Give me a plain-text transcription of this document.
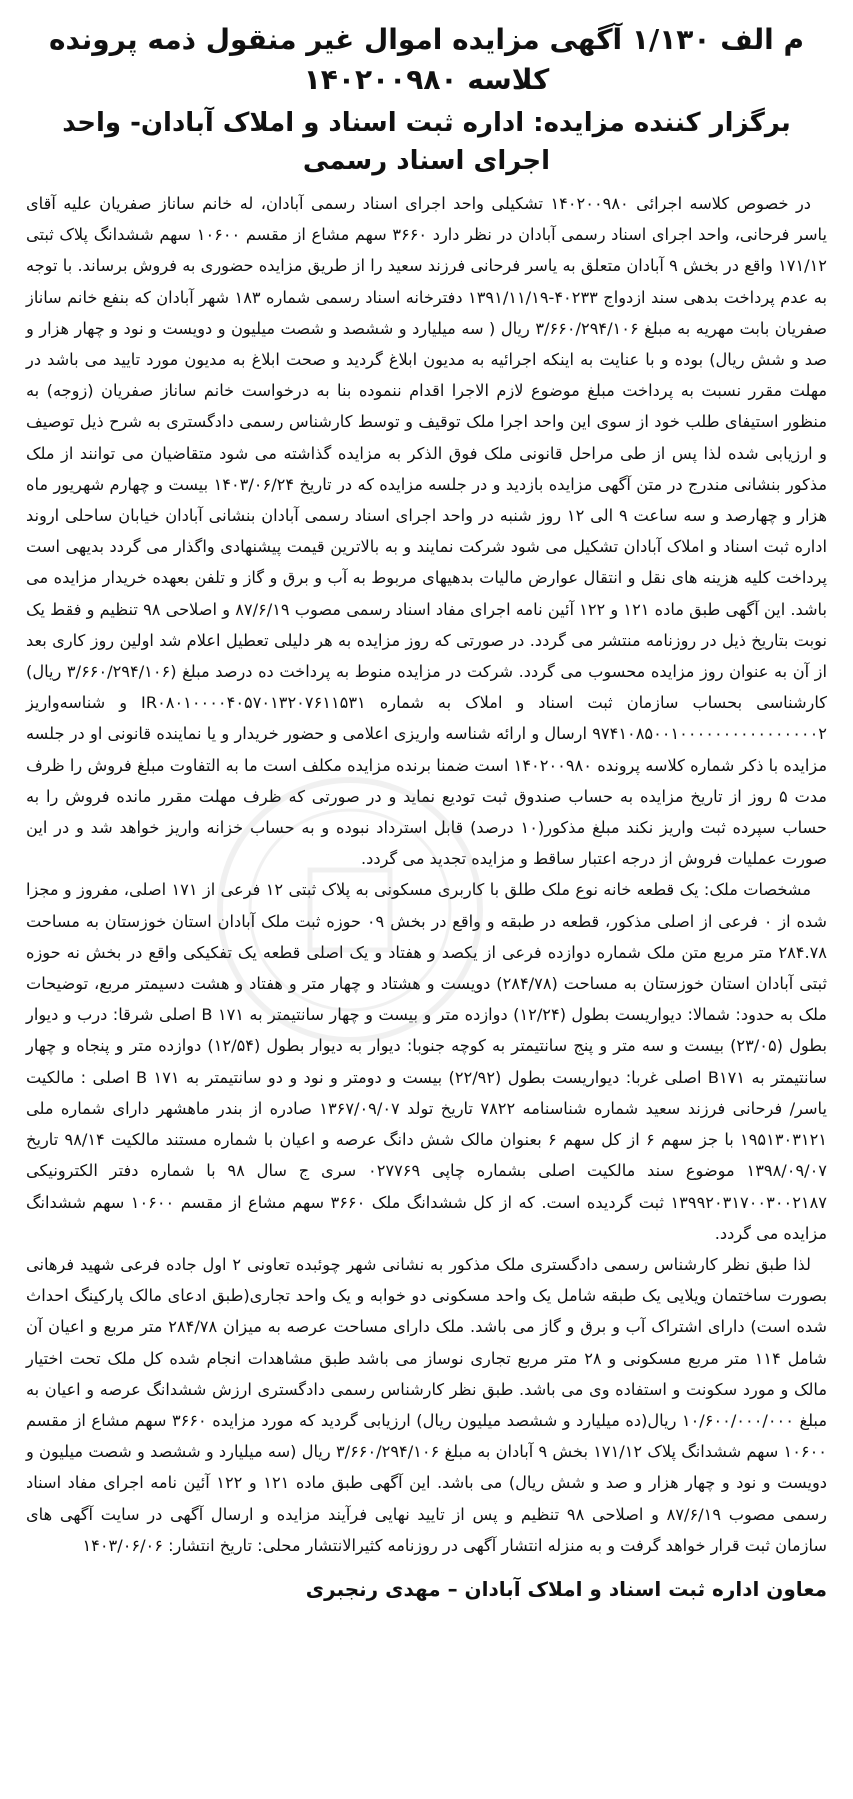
م الف ۱/۱۳۰ آگهی مزایده اموال غیر منقول ذمه پرونده کلاسه ۱۴۰۲۰۰۹۸۰
برگزار کننده مزایده: اداره ثبت اسناد و املاک آبادان- واحد اجرای اسناد رسمی

در خصوص کلاسه اجرائی ۱۴۰۲۰۰۹۸۰ تشکیلی واحد اجرای اسناد رسمی آبادان، له خانم ساناز صفریان علیه آقای یاسر فرحانی، واحد اجرای اسناد رسمی آبادان در نظر دارد ۳۶۶۰ سهم مشاع از مقسم ۱۰۶۰۰ سهم ششدانگ پلاک ثبتی ۱۷۱/۱۲ واقع در بخش ۹ آبادان متعلق به یاسر فرحانی فرزند سعید را از طریق مزایده حضوری به فروش برساند. با توجه به عدم پرداخت بدهی سند ازدواج ۴۰۲۳۳-۱۳۹۱/۱۱/۱۹ دفترخانه اسناد رسمی شماره ۱۸۳ شهر آبادان که بنفع خانم ساناز صفریان بابت مهریه به مبلغ ۳/۶۶۰/۲۹۴/۱۰۶ ریال ( سه میلیارد و ششصد و شصت میلیون و دویست و نود و چهار هزار و صد و شش ریال) بوده و با عنایت به اینکه اجرائیه به مدیون ابلاغ گردید و صحت ابلاغ به مدیون مورد تایید می باشد در مهلت مقرر نسبت به پرداخت مبلغ موضوع لازم الاجرا اقدام ننموده بنا به درخواست خانم ساناز صفریان (زوجه) به منظور استیفای طلب خود از سوی این واحد اجرا ملک توقیف و توسط کارشناس رسمی دادگستری به شرح ذیل توصیف و ارزیابی شده لذا پس از طی مراحل قانونی ملک فوق الذکر به مزایده گذاشته می شود متقاضیان می توانند از ملک مذکور بنشانی مندرج در متن آگهی مزایده بازدید و در جلسه مزایده که در تاریخ ۱۴۰۳/۰۶/۲۴ بیست و چهارم شهریور ماه هزار و چهارصد و سه ساعت ۹ الی ۱۲ روز شنبه در واحد اجرای اسناد رسمی آبادان بنشانی آبادان خیابان ساحلی اروند اداره ثبت اسناد و املاک آبادان تشکیل می شود شرکت نمایند و به بالاترین قیمت پیشنهادی واگذار می گردد بدیهی است پرداخت کلیه هزینه های نقل و انتقال عوارض مالیات بدهیهای مربوط به آب و برق و گاز و تلفن بعهده خریدار مزایده می باشد. این آگهی طبق ماده ۱۲۱ و ۱۲۲ آئین نامه اجرای مفاد اسناد رسمی مصوب ۸۷/۶/۱۹ و اصلاحی ۹۸ تنظیم و فقط یک نوبت بتاریخ ذیل در روزنامه منتشر می گردد. در صورتی که روز مزایده به هر دلیلی تعطیل اعلام شد اولین روز کاری بعد از آن به عنوان روز مزایده محسوب می گردد. شرکت در مزایده منوط به پرداخت ده درصد مبلغ (۳/۶۶۰/۲۹۴/۱۰۶ ریال) کارشناسی بحساب سازمان ثبت اسناد و املاک به شماره IR۰۸۰۱۰۰۰۰۴۰۵۷۰۱۳۲۰۷۶۱۱۵۳۱ و شناسه‌واریز ۹۷۴۱۰۸۵۰۰۱۰۰۰۰۰۰۰۰۰۰۰۰۰۰۰۰۲ ارسال و ارائه شناسه واریزی اعلامی و حضور خریدار و یا نماینده قانونی او در جلسه مزایده با ذکر شماره کلاسه پرونده ۱۴۰۲۰۰۹۸۰ است ضمنا برنده مزایده مکلف است ما به التفاوت مبلغ فروش را ظرف مدت ۵ روز از تاریخ مزایده به حساب صندوق ثبت تودیع نماید و در صورتی که ظرف مهلت مقرر مانده فروش را به حساب سپرده ثبت واریز نکند مبلغ مذکور(۱۰ درصد) قابل استرداد نبوده و به حساب خزانه واریز خواهد شد و در این صورت عملیات فروش از درجه اعتبار ساقط و مزایده تجدید می گردد.

مشخصات ملک: یک قطعه خانه نوع ملک طلق با کاربری مسکونی به پلاک ثبتی ۱۲ فرعی از ۱۷۱ اصلی، مفروز و مجزا شده از ۰ فرعی از اصلی مذکور، قطعه در طبقه و واقع در بخش ۰۹ حوزه ثبت ملک آبادان استان خوزستان به مساحت ۲۸۴.۷۸ متر مربع متن ملک شماره دوازده فرعی از یکصد و هفتاد و یک اصلی قطعه یک تفکیکی واقع در بخش نه حوزه ثبتی آبادان استان خوزستان به مساحت (۲۸۴/۷۸) دویست و هشتاد و چهار متر و هفتاد و هشت دسیمتر مربع، توضیحات ملک به حدود: شمالا: دیواریست بطول (۱۲/۲۴) دوازده متر و بیست و چهار سانتیمتر به ۱۷۱ B اصلی شرقا: درب و دیوار بطول (۲۳/۰۵) بیست و سه متر و پنج سانتیمتر به کوچه جنوبا: دیوار به دیوار بطول (۱۲/۵۴) دوازده متر و پنجاه و چهار سانتیمتر به B۱۷۱ اصلی غربا: دیواریست بطول (۲۲/۹۲) بیست و دومتر و نود و دو سانتیمتر به ۱۷۱ B اصلی : مالکیت یاسر/ فرحانی فرزند سعید شماره شناسنامه ۷۸۲۲ تاریخ تولد ۱۳۶۷/۰۹/۰۷ صادره از بندر ماهشهر دارای شماره ملی ۱۹۵۱۳۰۳۱۲۱ با جز سهم ۶ از کل سهم ۶ بعنوان مالک شش دانگ عرصه و اعیان با شماره مستند مالکیت ۹۸/۱۴ تاریخ ۱۳۹۸/۰۹/۰۷ موضوع سند مالکیت اصلی بشماره چاپی ۰۲۷۷۶۹ سری ج سال ۹۸ با شماره دفتر الکترونیکی ۱۳۹۹۲۰۳۱۷۰۰۳۰۰۲۱۸۷ ثبت گردیده است. که از کل ششدانگ ملک ۳۶۶۰ سهم مشاع از مقسم ۱۰۶۰۰ سهم ششدانگ مزایده می گردد.

لذا طبق نظر کارشناس رسمی دادگستری ملک مذکور به نشانی شهر چوئبده تعاونی ۲ اول جاده فرعی شهید فرهانی بصورت ساختمان ویلایی یک طبقه شامل یک واحد مسکونی دو خوابه و یک واحد تجاری(طبق ادعای مالک پارکینگ احداث شده است) دارای اشتراک آب و برق و گاز می باشد. ملک دارای مساحت عرصه به میزان ۲۸۴/۷۸ متر مربع و اعیان آن شامل ۱۱۴ متر مربع مسکونی و ۲۸ متر مربع تجاری نوساز می باشد طبق مشاهدات انجام شده کل ملک تحت اختیار مالک و مورد سکونت و استفاده وی می باشد. طبق نظر کارشناس رسمی دادگستری ارزش ششدانگ عرصه و اعیان به مبلغ ۱۰/۶۰۰/۰۰۰/۰۰۰ ریال(ده میلیارد و ششصد میلیون ریال) ارزیابی گردید که مورد مزایده ۳۶۶۰ سهم مشاع از مقسم ۱۰۶۰۰ سهم ششدانگ پلاک ۱۷۱/۱۲ بخش ۹ آبادان به مبلغ ۳/۶۶۰/۲۹۴/۱۰۶ ریال (سه میلیارد و ششصد و شصت میلیون و دویست و نود و چهار هزار و صد و شش ریال) می باشد. این آگهی طبق ماده ۱۲۱ و ۱۲۲ آئین نامه اجرای مفاد اسناد رسمی مصوب ۸۷/۶/۱۹ و اصلاحی ۹۸ تنظیم و پس از تایید نهایی فرآیند مزایده و ارسال آگهی در سایت آگهی های سازمان ثبت قرار خواهد گرفت و به منزله انتشار آگهی در روزنامه کثیرالانتشار محلی: تاریخ انتشار: ۱۴۰۳/۰۶/۰۶

معاون اداره ثبت اسناد و املاک آبادان – مهدی رنجبری
